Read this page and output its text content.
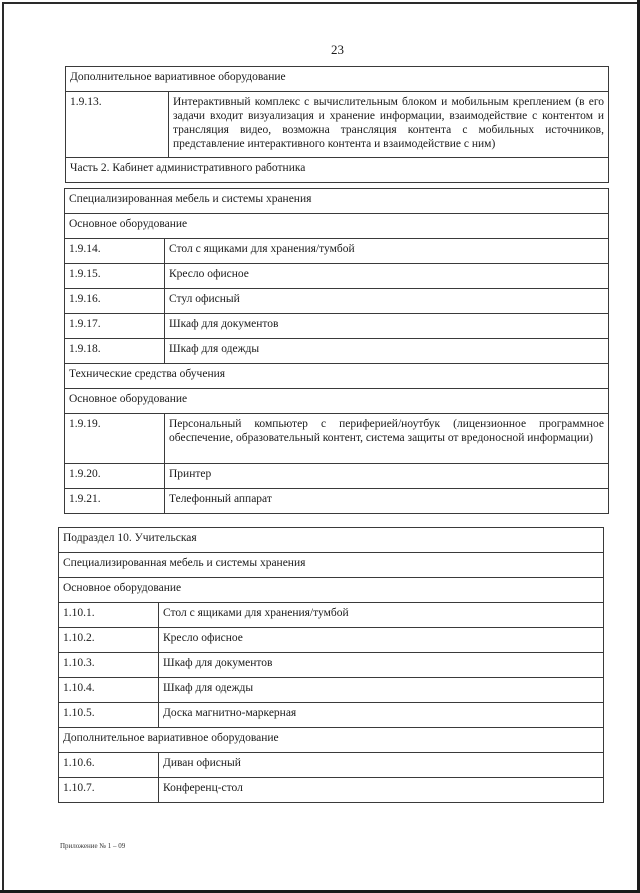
23
Дополнительное вариативное оборудование
1.9.13.	Интерактивный комплекс с вычислительным блоком и мобильным креплением (в его задачи входит визуализация и хранение информации, взаимодействие с контентом и трансляция видео, возможна трансляция контента с мобильных источников, представление интерактивного контента и взаимодействие с ним)
Часть 2. Кабинет административного работника
Специализированная мебель и системы хранения	
Основное оборудование	
1.9.14.	Стол с ящиками для хранения/тумбой
1.9.15.	Кресло офисное
1.9.16.	Стул офисный
1.9.17.	Шкаф для документов
1.9.18.	Шкаф для одежды
Технические средства обучения	
Основное оборудование	
1.9.19.	Персональный компьютер с периферией/ноутбук (лицензионное программное обеспечение, образовательный контент, система защиты от вредоносной информации)
1.9.20.	Принтер
1.9.21.	Телефонный аппарат
Подраздел 10. Учительская	
Специализированная мебель и системы хранения	
Основное оборудование	
1.10.1.	Стол с ящиками для хранения/тумбой
1.10.2.	Кресло офисное
1.10.3.	Шкаф для документов
1.10.4.	Шкаф для одежды
1.10.5.	Доска магнитно-маркерная
Дополнительное вариативное оборудование	
1.10.6.	Диван офисный
1.10.7.	Конференц-стол
Приложение № 1 – 09
